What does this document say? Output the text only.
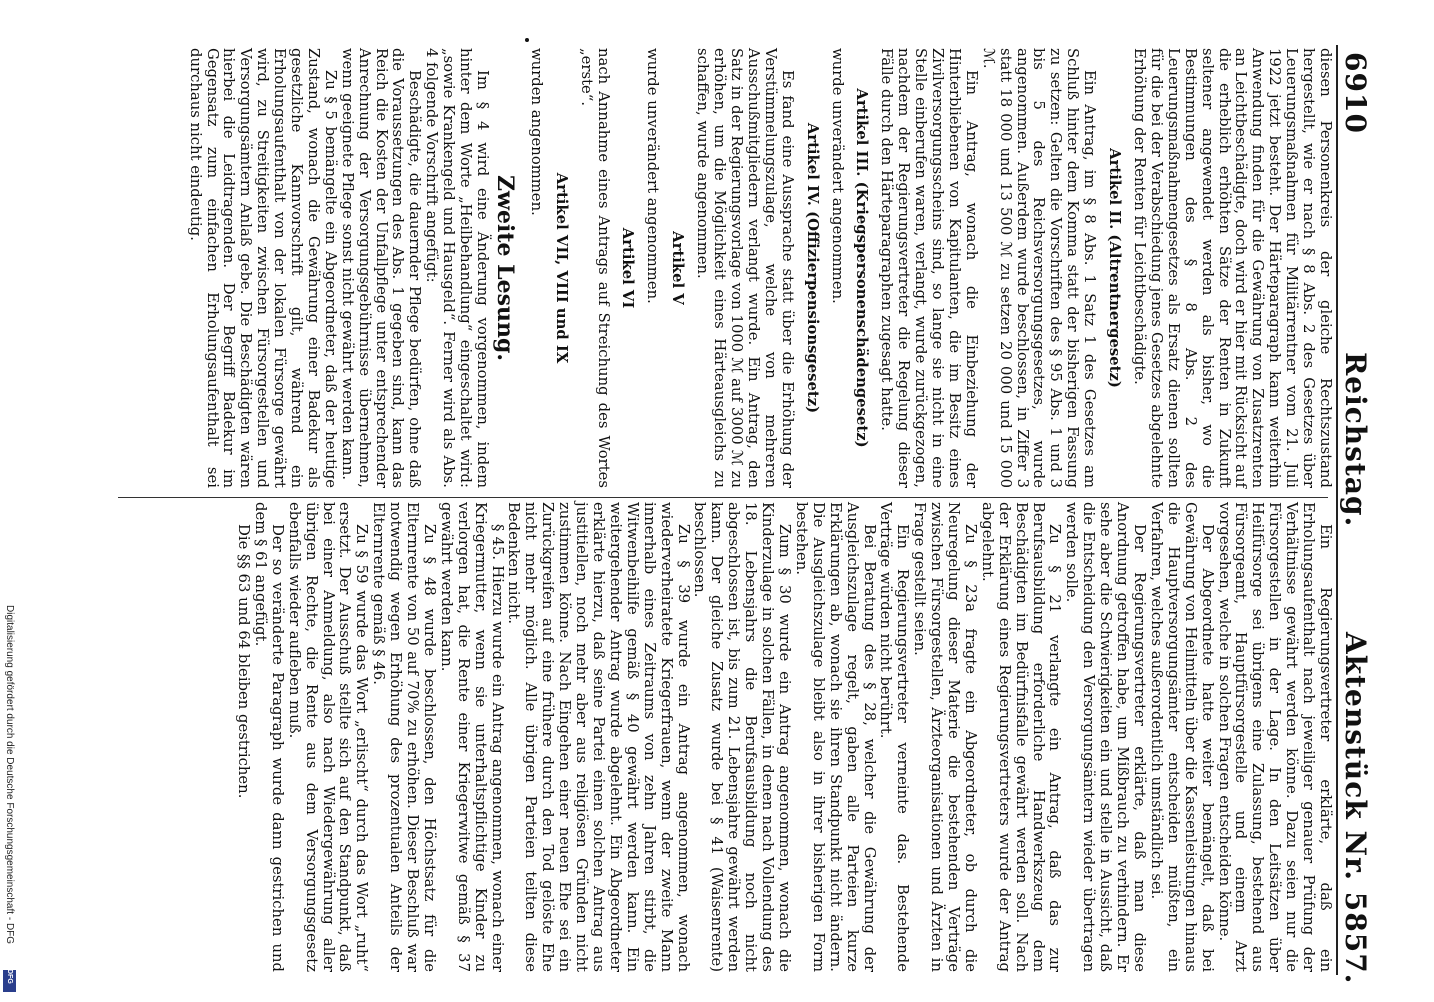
6910
Reichstag.
Aktenstück Nr. 5857.

diesen Personenkreis der gleiche Rechtszustand hergestellt, wie er nach § 8 Abs. 2 des Gesetzes über Leuerungsmaßnahmen für Militärrentner vom 21. Juli 1922 jetzt besteht. Der Härteparagraph kann weiterhin Anwendung finden für die Gewährung von Zusatzrenten an Leichtbeschädigte, doch wird er hier mit Rücksicht auf die erheblich erhöhten Sätze der Renten in Zukunft seltener angewendet werden als bisher, wo die Bestimmungen des § 8 Abs. 2 des Leuerungsmaßnahmengesetzes als Ersatz dienen sollten für die bei der Verabschiedung jenes Gesetzes abgelehnte Erhöhung der Renten für Leichtbeschädigte.

Artikel II. (Altrentnergesetz)

Ein Antrag, im § 8 Abs. 1 Satz 1 des Gesetzes am Schluß hinter dem Komma statt der bisherigen Fassung zu setzen: Gelten die Vorschriften des § 95 Abs. 1 und 3 bis 5 des Reichsversorgungsgesetzes, wurde angenommen. Außerdem wurde beschlossen, in Ziffer 3 statt 18 000 und 13 500 ℳ zu setzen 20 000 und 15 000 ℳ.

Ein Antrag, wonach die Einbeziehung der Hinterbliebenen von Kapitulanten, die im Besitz eines Zivilversorgungsscheins sind, so lange sie nicht in eine Stelle einberufen waren, verlangt, wurde zurückgezogen, nachdem der Regierungsvertreter die Regelung dieser Fälle durch den Härteparagraphen zugesagt hatte.

Artikel III. (Kriegspersonenschädengesetz)

wurde unverändert angenommen.

Artikel IV. (Offizierpensionsgesetz)

Es fand eine Aussprache statt über die Erhöhung der Verstümmelungszulage, welche von mehreren Ausschußmitgliedern verlangt wurde. Ein Antrag, den Satz in der Regierungsvorlage von 1000 ℳ auf 3000 ℳ zu erhöhen, um die Möglichkeit eines Härteausgleichs zu schaffen, wurde angenommen.

Artikel V

wurde unverändert angenommen.

Artikel VI

nach Annahme eines Antrags auf Streichung des Wortes „erste“.

Artikel VII, VIII und IX

wurden angenommen.

Zweite Lesung.

Im § 4 wird eine Änderung vorgenommen, indem hinter dem Worte „Heilbehandlung“ eingeschaltet wird: „sowie Krankengeld und Hausgeld“. Ferner wird als Abs. 4 folgende Vorschrift angefügt:

Beschädigte, die dauernder Pflege bedürfen, ohne daß die Voraussetzungen des Abs. 1 gegeben sind, kann das Reich die Kosten der Unfallpflege unter entsprechender Anrechnung der Versorgungsgebührnisse übernehmen, wenn geeignete Pflege sonst nicht gewährt werden kann.

Zu § 5 bemängelte ein Abgeordneter, daß der heutige Zustand, wonach die Gewährung einer Badekur als gesetzliche Kannvorschrift gilt, während ein Erholungsaufenthalt von der lokalen Fürsorge gewährt wird, zu Streitigkeiten zwischen Fürsorgestellen und Versorgungsämtern Anlaß gebe. Die Beschädigten wären hierbei die Leidtragenden. Der Begriff Badekur im Gegensatz zum einfachen Erholungsaufenthalt sei durchaus nicht eindeutig.

Ein Regierungsvertreter erklärte, daß ein Erholungsaufenthalt nach jeweiliger genauer Prüfung der Verhältnisse gewährt werden könne. Dazu seien nur die Fürsorgestellen in der Lage. In den Leitsätzen über Heilfürsorge sei übrigens eine Zulassung, bestehend aus Fürsorgeamt, Hauptfürsorgestelle und einem Arzt vorgesehen, welche in solchen Fragen entscheiden könne.

Der Abgeordnete hatte weiter bemängelt, daß bei Gewährung von Heilmitteln über die Kassenleistungen hinaus die Hauptversorgungsämter entscheiden müßten, ein Verfahren, welches außerordentlich umständlich sei.

Der Regierungsvertreter erklärte, daß man diese Anordnung getroffen habe, um Mißbrauch zu verhindern. Er sehe aber die Schwierigkeiten ein und stelle in Aussicht, daß die Entscheidung den Versorgungsämtern wieder übertragen werden solle.

Zu § 21 verlangte ein Antrag, daß das zur Berufsausbildung erforderliche Handwerkszeug dem Beschädigten im Bedürfnisfalle gewährt werden soll. Nach der Erklärung eines Regierungsvertreters wurde der Antrag abgelehnt.

Zu § 23a fragte ein Abgeordneter, ob durch die Neuregelung dieser Materie die bestehenden Verträge zwischen Fürsorgestellen, Ärzteorganisationen und Ärzten in Frage gestellt seien.

Ein Regierungsvertreter verneinte das. Bestehende Verträge würden nicht berührt.

Bei Beratung des § 28, welcher die Gewährung der Ausgleichszulage regelt, gaben alle Parteien kurze Erklärungen ab, wonach sie ihren Standpunkt nicht ändern. Die Ausgleichszulage bleibt also in ihrer bisherigen Form bestehen.

Zum § 30 wurde ein Antrag angenommen, wonach die Kinderzulage in solchen Fällen, in denen nach Vollendung des 18. Lebensjahrs die Berufsausbildung noch nicht abgeschlossen ist, bis zum 21. Lebensjahre gewährt werden kann. Der gleiche Zusatz wurde bei § 41 (Waisenrente) beschlossen.

Zu § 39 wurde ein Antrag angenommen, wonach wiederverheiratete Kriegerfrauen, wenn der zweite Mann innerhalb eines Zeitraums von zehn Jahren stirbt, die Witwenbeihilfe gemäß § 40 gewährt werden kann. Ein weitergehender Antrag wurde abgelehnt. Ein Abgeordneter erklärte hierzu, daß seine Partei einen solchen Antrag aus justitiellen, noch mehr aber aus religiösen Gründen nicht zustimmen könne. Nach Eingehen einer neuen Ehe sei ein Zurückgreifen auf eine frühere durch den Tod gelöste Ehe nicht mehr möglich. Alle übrigen Parteien teilten diese Bedenken nicht.

§ 45. Hierzu wurde ein Antrag angenommen, wonach einer Kriegermutter, wenn sie unterhaltspflichtige Kinder zu verlorgen hat, die Rente einer Kriegerwitwe gemäß § 37 gewährt werden kann.

Zu § 48 wurde beschlossen, den Höchstsatz für die Elternrente von 50 auf 70% zu erhöhen. Dieser Beschluß war notwendig wegen Erhöhung des prozentualen Anteils der Elternrente gemäß § 46.

Zu § 59 wurde das Wort „erlischt“ durch das Wort „ruht“ ersetzt. Der Ausschuß stellte sich auf den Standpunkt, daß bei einer Anmeldung, also nach Wiedergewährung aller übrigen Rechte, die Rente aus dem Versorgungsgesetz ebenfalls wieder aufleben muß.

Der so veränderte Paragraph wurde dann gestrichen und dem § 61 angefügt.

Die §§ 63 und 64 bleiben gestrichen.

Digitalisierung gefördert durch die Deutsche Forschungsgemeinschaft - DFG
DFG
